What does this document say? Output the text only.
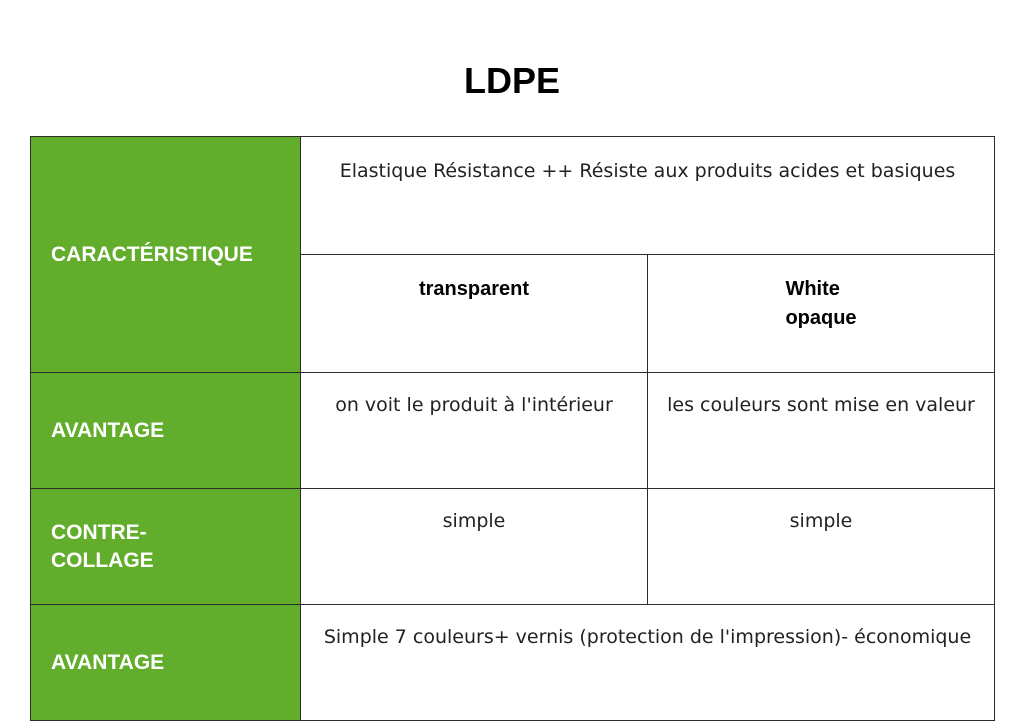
LDPE
CARACTÉRISTIQUE	Elastique Résistance ++ Résiste aux produits acides et basiques	
	transparent	White
opaque
AVANTAGE	on voit le produit à l'intérieur	les couleurs sont mise en valeur
CONTRE-
COLLAGE	simple	simple
AVANTAGE	Simple 7 couleurs+ vernis (protection de l'impression)- économique	
